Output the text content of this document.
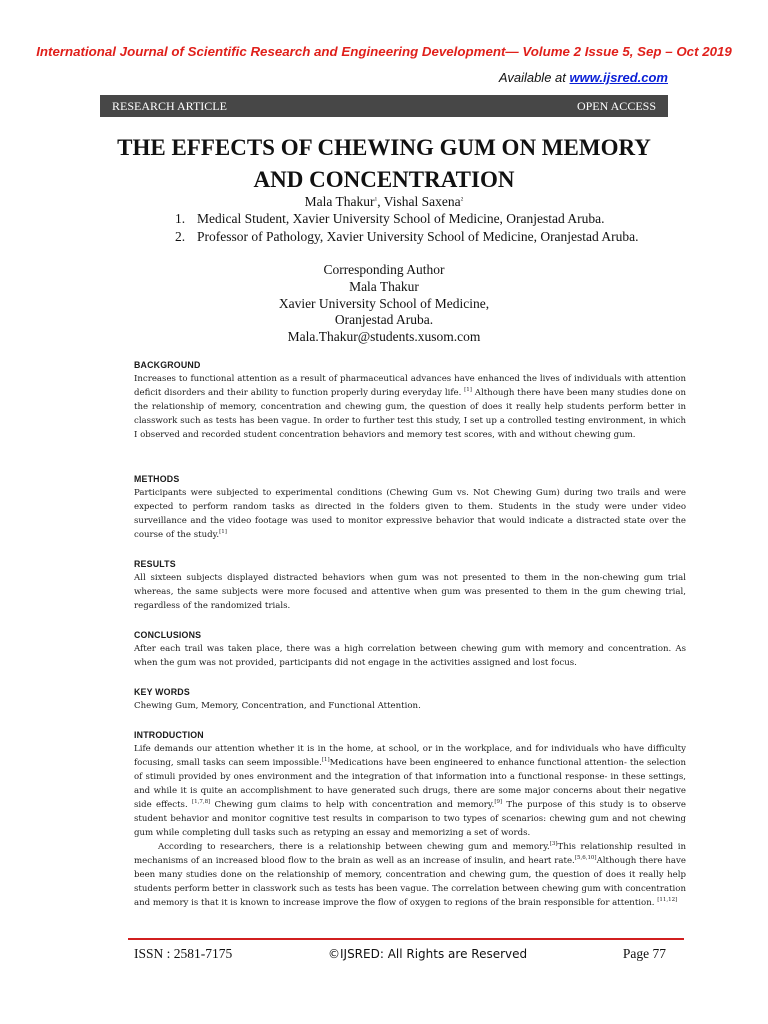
International Journal of Scientific Research and Engineering Development— Volume 2 Issue 5, Sep – Oct 2019
Available at www.ijsred.com
RESEARCH ARTICLE	OPEN ACCESS
THE EFFECTS OF CHEWING GUM ON MEMORY AND CONCENTRATION
Mala Thakur$^1$, Vishal Saxena$^2$
1. Medical Student, Xavier University School of Medicine, Oranjestad Aruba.
2. Professor of Pathology, Xavier University School of Medicine, Oranjestad Aruba.
Corresponding Author
Mala Thakur
Xavier University School of Medicine,
Oranjestad Aruba.
Mala.Thakur@students.xusom.com

BACKGROUND

Increases to functional attention as a result of pharmaceutical advances have enhanced the lives of individuals with attention deficit disorders and their ability to function properly during everyday life. [1] Although there have been many studies done on the relationship of memory, concentration and chewing gum, the question of does it really help students perform better in classwork such as tests has been vague. In order to further test this study, I set up a controlled testing environment, in which I observed and recorded student concentration behaviors and memory test scores, with and without chewing gum.

METHODS

Participants were subjected to experimental conditions (Chewing Gum vs. Not Chewing Gum) during two trails and were expected to perform random tasks as directed in the folders given to them. Students in the study were under video surveillance and the video footage was used to monitor expressive behavior that would indicate a distracted state over the course of the study.[1]

RESULTS

All sixteen subjects displayed distracted behaviors when gum was not presented to them in the non-chewing gum trial whereas, the same subjects were more focused and attentive when gum was presented to them in the gum chewing trial, regardless of the randomized trials.

CONCLUSIONS

After each trail was taken place, there was a high correlation between chewing gum with memory and concentration. As when the gum was not provided, participants did not engage in the activities assigned and lost focus.

KEY WORDS

Chewing Gum, Memory, Concentration, and Functional Attention.

INTRODUCTION

Life demands our attention whether it is in the home, at school, or in the workplace, and for individuals who have difficulty focusing, small tasks can seem impossible.[1]Medications have been engineered to enhance functional attention- the selection of stimuli provided by ones environment and the integration of that information into a functional response- in these settings, and while it is quite an accomplishment to have generated such drugs, there are some major concerns about their negative side effects. [1,7,8] Chewing gum claims to help with concentration and memory.[9] The purpose of this study is to observe student behavior and monitor cognitive test results in comparison to two types of scenarios: chewing gum and not chewing gum while completing dull tasks such as retyping an essay and memorizing a set of words.

According to researchers, there is a relationship between chewing gum and memory.[3]This relationship resulted in mechanisms of an increased blood flow to the brain as well as an increase of insulin, and heart rate.[5,6,10]Although there have been many studies done on the relationship of memory, concentration and chewing gum, the question of does it really help students perform better in classwork such as tests has been vague. The correlation between chewing gum with concentration and memory is that it is known to increase improve the flow of oxygen to regions of the brain responsible for attention. [11,12]

ISSN : 2581-7175	©IJSRED: All Rights are Reserved	Page 77
